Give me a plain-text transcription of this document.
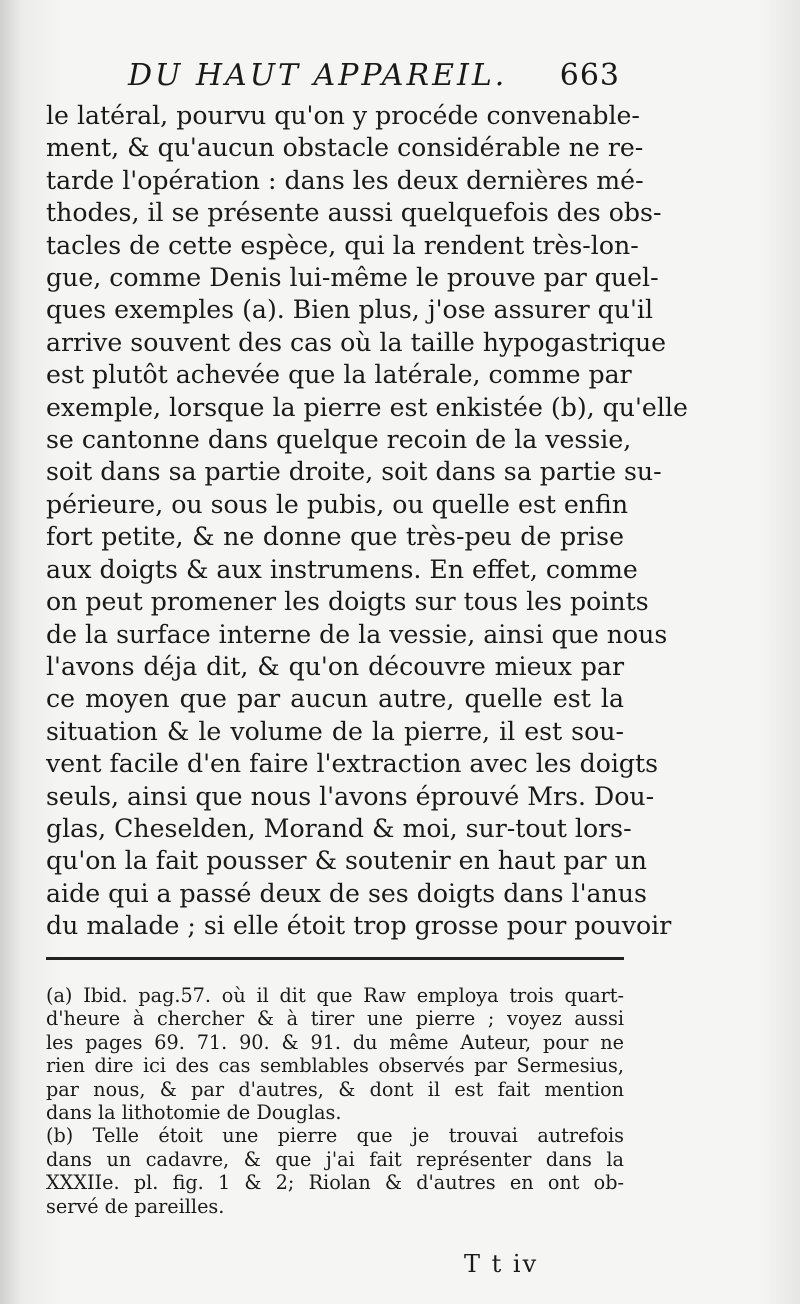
DU HAUT APPAREIL. 663
le latéral, pourvu qu'on y procéde convenable-
ment, & qu'aucun obstacle considérable ne re-
tarde l'opération : dans les deux dernières mé-
thodes, il se présente aussi quelquefois des obs-
tacles de cette espèce, qui la rendent très-lon-
gue, comme Denis lui-même le prouve par quel-
ques exemples (a). Bien plus, j'ose assurer qu'il
arrive souvent des cas où la taille hypogastrique
est plutôt achevée que la latérale, comme par
exemple, lorsque la pierre est enkistée (b), qu'elle
se cantonne dans quelque recoin de la vessie,
soit dans sa partie droite, soit dans sa partie su-
périeure, ou sous le pubis, ou quelle est enfin
fort petite, & ne donne que très-peu de prise
aux doigts & aux instrumens. En effet, comme
on peut promener les doigts sur tous les points
de la surface interne de la vessie, ainsi que nous
l'avons déja dit, & qu'on découvre mieux par
ce moyen que par aucun autre, quelle est la
situation & le volume de la pierre, il est sou-
vent facile d'en faire l'extraction avec les doigts
seuls, ainsi que nous l'avons éprouvé Mrs. Dou-
glas, Cheselden, Morand & moi, sur-tout lors-
qu'on la fait pousser & soutenir en haut par un
aide qui a passé deux de ses doigts dans l'anus
du malade ; si elle étoit trop grosse pour pouvoir
(a) Ibid. pag.57. où il dit que Raw employa trois quart-
d'heure à chercher & à tirer une pierre ; voyez aussi
les pages 69. 71. 90. & 91. du même Auteur, pour ne
rien dire ici des cas semblables observés par Sermesius,
par nous, & par d'autres, & dont il est fait mention
dans la lithotomie de Douglas.
(b) Telle étoit une pierre que je trouvai autrefois
dans un cadavre, & que j'ai fait représenter dans la
XXXIIe. pl. fig. 1 & 2; Riolan & d'autres en ont ob-
servé de pareilles.
T t iv
